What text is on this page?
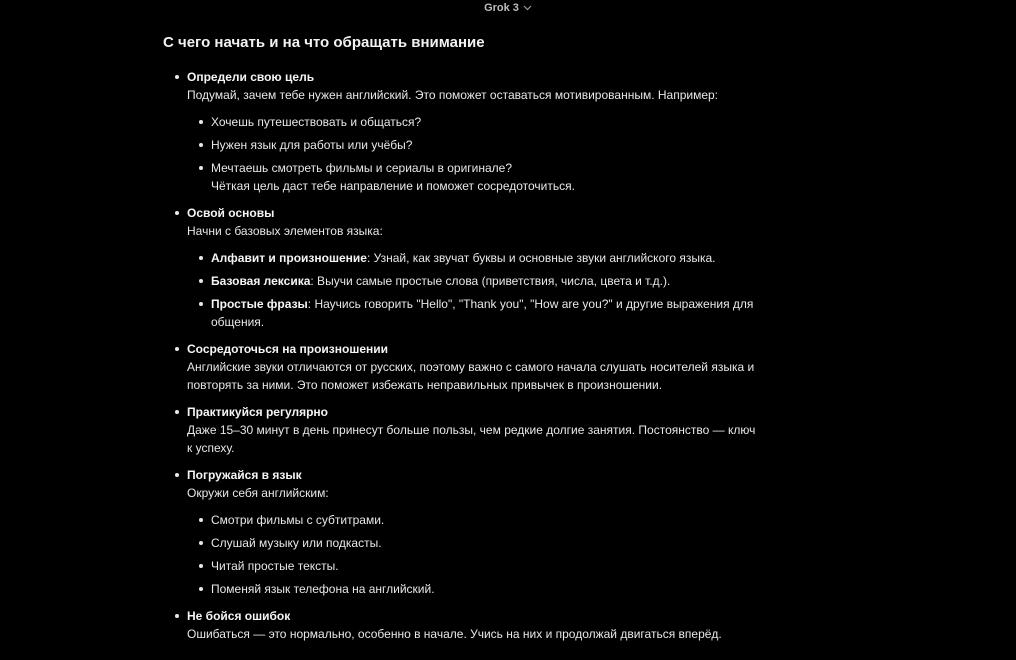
Grok 3
С чего начать и на что обращать внимание
Определи свою цель
Подумай, зачем тебе нужен английский. Это поможет оставаться мотивированным. Например:
Хочешь путешествовать и общаться?
Нужен язык для работы или учёбы?
Мечтаешь смотреть фильмы и сериалы в оригинале?
Чёткая цель даст тебе направление и поможет сосредоточиться.
Освой основы
Начни с базовых элементов языка:
Алфавит и произношение: Узнай, как звучат буквы и основные звуки английского языка.
Базовая лексика: Выучи самые простые слова (приветствия, числа, цвета и т.д.).
Простые фразы: Научись говорить "Hello", "Thank you", "How are you?" и другие выражения для общения.
Сосредоточься на произношении
Английские звуки отличаются от русских, поэтому важно с самого начала слушать носителей языка и повторять за ними. Это поможет избежать неправильных привычек в произношении.
Практикуйся регулярно
Даже 15–30 минут в день принесут больше пользы, чем редкие долгие занятия. Постоянство — ключ к успеху.
Погружайся в язык
Окружи себя английским:
Смотри фильмы с субтитрами.
Слушай музыку или подкасты.
Читай простые тексты.
Поменяй язык телефона на английский.
Не бойся ошибок
Ошибаться — это нормально, особенно в начале. Учись на них и продолжай двигаться вперёд.
